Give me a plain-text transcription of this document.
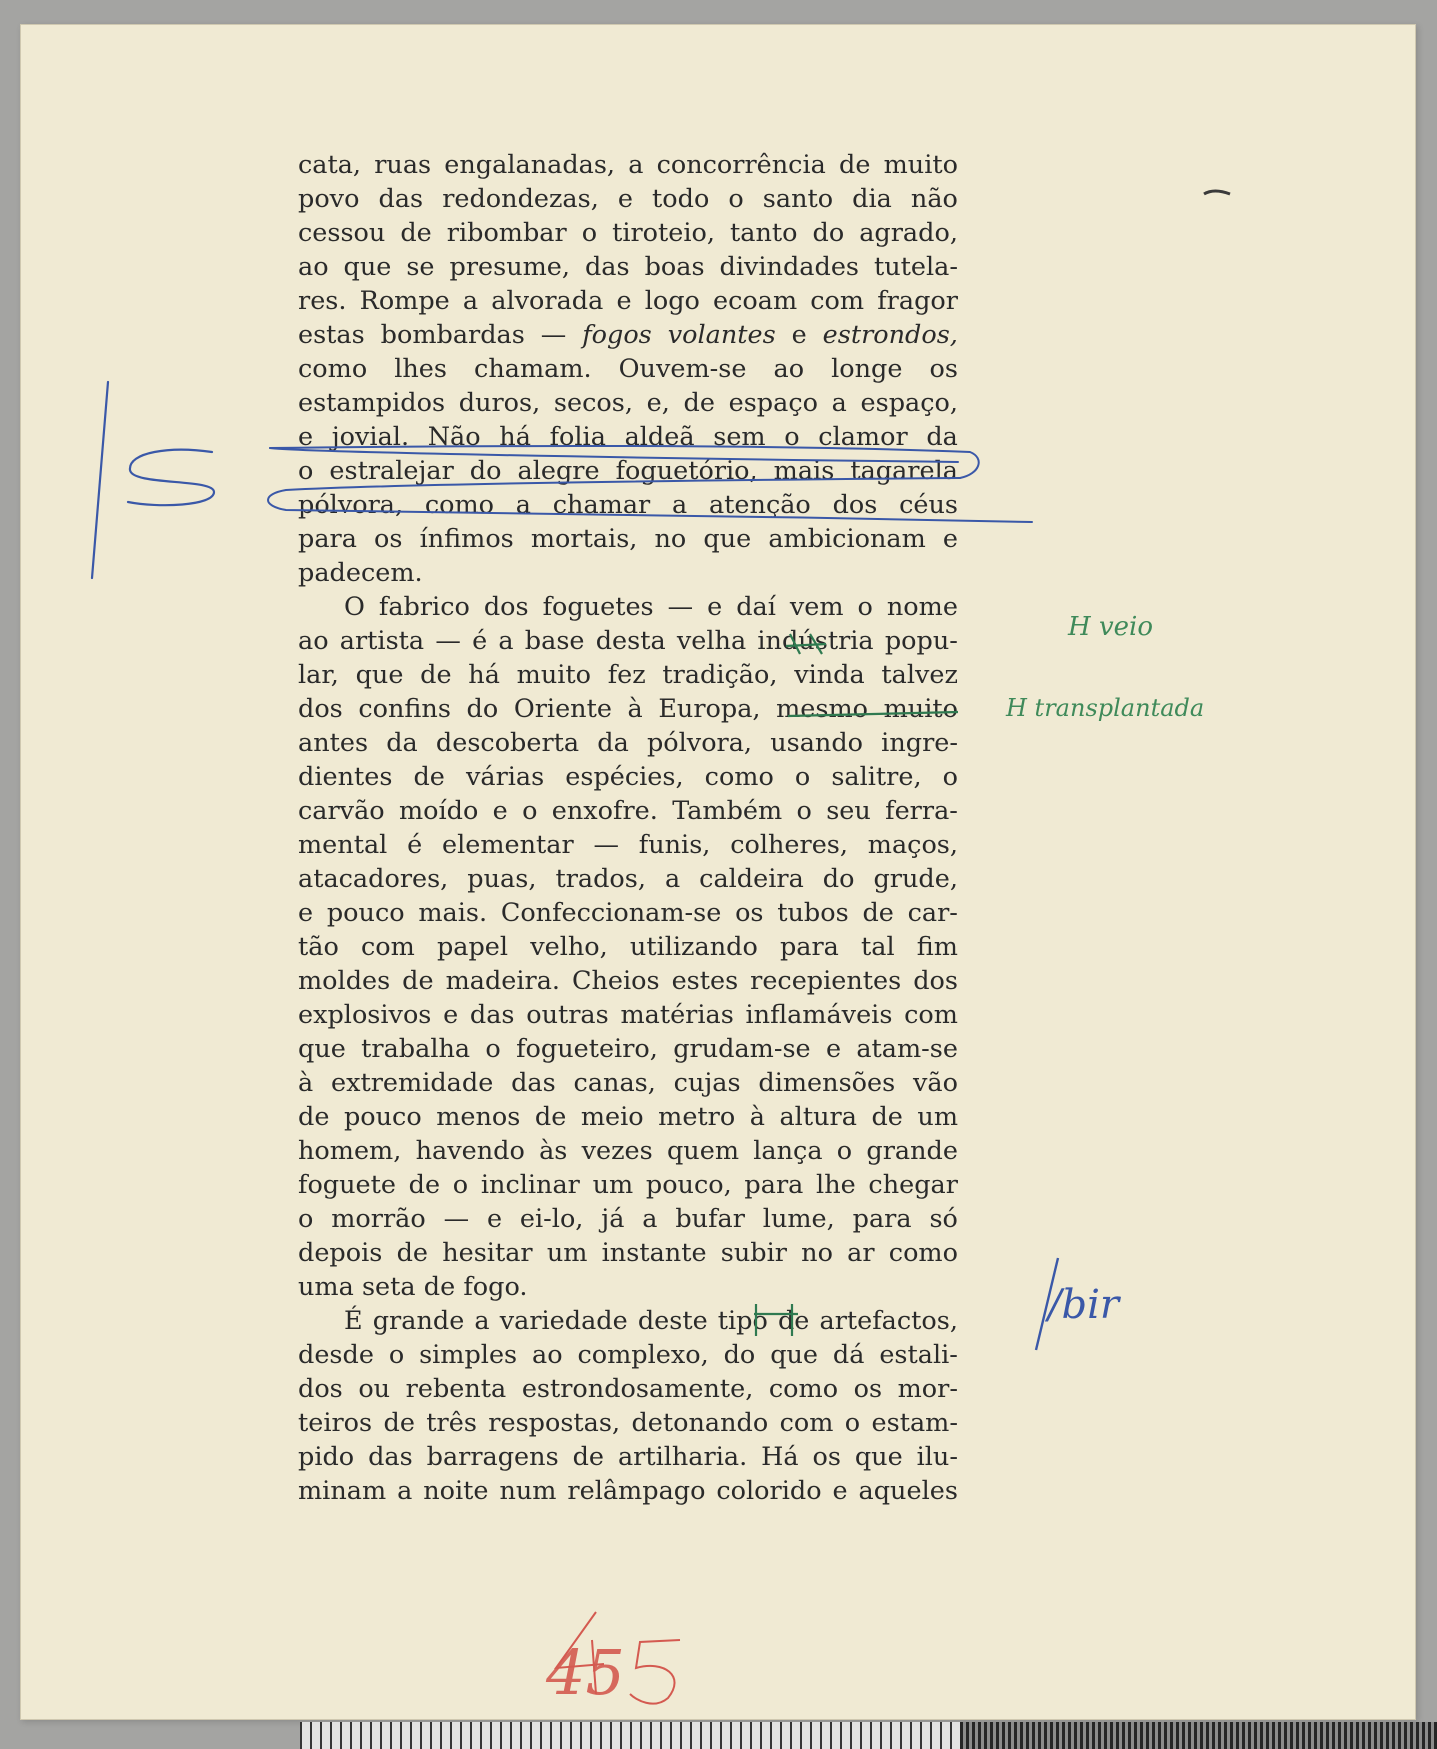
cata, ruas engalanadas, a concorrência de muito
povo das redondezas, e todo o santo dia não
cessou de ribombar o tiroteio, tanto do agrado,
ao que se presume, das boas divindades tutela-
res. Rompe a alvorada e logo ecoam com fragor
estas bombardas — fogos volantes e estrondos,
como lhes chamam. Ouvem-se ao longe os
estampidos duros, secos, e, de espaço a espaço,
e jovial. Não há folia aldeã sem o clamor da
o estralejar do alegre foguetório, mais tagarela
pólvora, como a chamar a atenção dos céus
para os ínfimos mortais, no que ambicionam e
padecem.
O fabrico dos foguetes — e daí vem o nome
ao artista — é a base desta velha indústria popu-
lar, que de há muito fez tradição, vinda talvez
dos confins do Oriente à Europa, mesmo muito
antes da descoberta da pólvora, usando ingre-
dientes de várias espécies, como o salitre, o
carvão moído e o enxofre. Também o seu ferra-
mental é elementar — funis, colheres, maços,
atacadores, puas, trados, a caldeira do grude,
e pouco mais. Confeccionam-se os tubos de car-
tão com papel velho, utilizando para tal fim
moldes de madeira. Cheios estes recepientes dos
explosivos e das outras matérias inflamáveis com
que trabalha o fogueteiro, grudam-se e atam-se
à extremidade das canas, cujas dimensões vão
de pouco menos de meio metro à altura de um
homem, havendo às vezes quem lança o grande
foguete de o inclinar um pouco, para lhe chegar
o morrão — e ei-lo, já a bufar lume, para só
depois de hesitar um instante subir no ar como
uma seta de fogo.
É grande a variedade deste tipo de artefactos,
desde o simples ao complexo, do que dá estali-
dos ou rebenta estrondosamente, como os mor-
teiros de três respostas, detonando com o estam-
pido das barragens de artilharia. Há os que ilu-
minam a noite num relâmpago colorido e aqueles
|S
H veio
H transplantada
/bir
45
